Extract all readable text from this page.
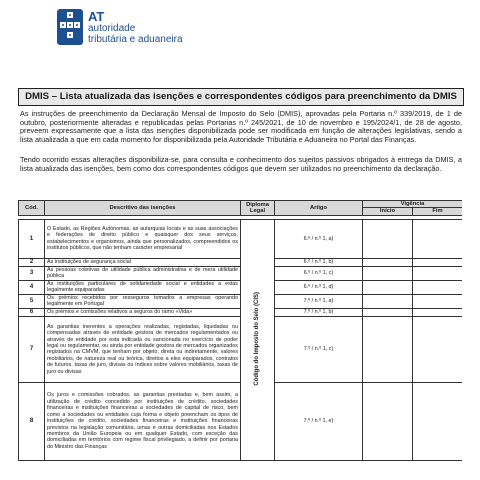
AT
autoridade
tributária e aduaneira
DMIS – Lista atualizada das isenções e correspondentes códigos para preenchimento da DMIS
As instruções de preenchimento da Declaração Mensal de Imposto do Selo (DMIS), aprovadas pela Portaria n.º 339/2019, de 1 de outubro, posteriormente alteradas e republicadas pelas Portarias n.º 245/2021, de 10 de novembro e 195/2024/1, de 28 de agosto, preveem expressamente que a lista das isenções disponibilizada pode ser modificada em função de alterações legislativas, sendo a lista atualizada a que em cada momento for disponibilizada pela Autoridade Tributária e Aduaneira no Portal das Finanças.
Tendo ocorrido essas alterações disponibiliza-se, para consulta e conhecimento dos sujeitos passivos obrigados à entrega da DMIS, a lista atualizada das isenções, bem como dos correspondentes códigos que devem ser utilizados no preenchimento da declaração.
Cód.	Descritivo das isenções	Diploma Legal	Artigo	Vigência	
				Início	Fim

1	O Estado, as Regiões Autónomas, as autarquias locais e as suas associações e federações de direito público e quaisquer dos seus serviços, estabelecimentos e organismos, ainda que personalizados, compreendidos os institutos públicos, que não tenham carácter empresarial	Código do Imposto do Selo (CIS)	6.º / n.º 1, a)		
2	As instituições de segurança social		6.º / n.º 1, b)		
3	As pessoas coletivas de utilidade pública administrativa e de mera utilidade pública		6.º / n.º 1, c)		
4	As instituições particulares de solidariedade social e entidades a estas legalmente equiparadas		6.º / n.º 1, d)		
5	Os prémios recebidos por resseguros tomados a empresas operando legalmente em Portugal		7.º / n.º 1, a)		
6	Os prémios e comissões relativos a seguros do ramo «Vida»		7.º / n.º 1, b)		
7	As garantias inerentes a operações realizadas, registadas, liquidadas ou compensadas através de entidade gestora de mercados regulamentados ou através de entidade por esta indicada ou sancionada no exercício de poder legal ou regulamentar, ou ainda por entidade gestora de mercados organizados registados na CMVM, que tenham por objeto, direta ou indiretamente, valores mobiliários, de natureza real ou teórica, direitos a eles equiparados, contratos de futuros, taxas de juro, divisas ou índices sobre valores mobiliários, taxas de juro ou divisas		7.º / n.º 1, c)		
8	Os juros e comissões cobrados, as garantias prestadas e, bem assim, a utilização de crédito concedido por instituições de crédito, sociedades financeiras e instituições financeiras a sociedades de capital de risco, bem como a sociedades ou entidades cuja forma e objeto preencham os tipos de instituições de crédito, sociedades financeiras e instituições financeiras previstos na legislação comunitária, umas e outras domiciliadas nos Estados membros da União Europeia ou em qualquer Estado, com exceção das domiciliadas em territórios com regime fiscal privilegiado, a definir por portaria do Ministro das Finanças		7.º / n.º 1, e)		
